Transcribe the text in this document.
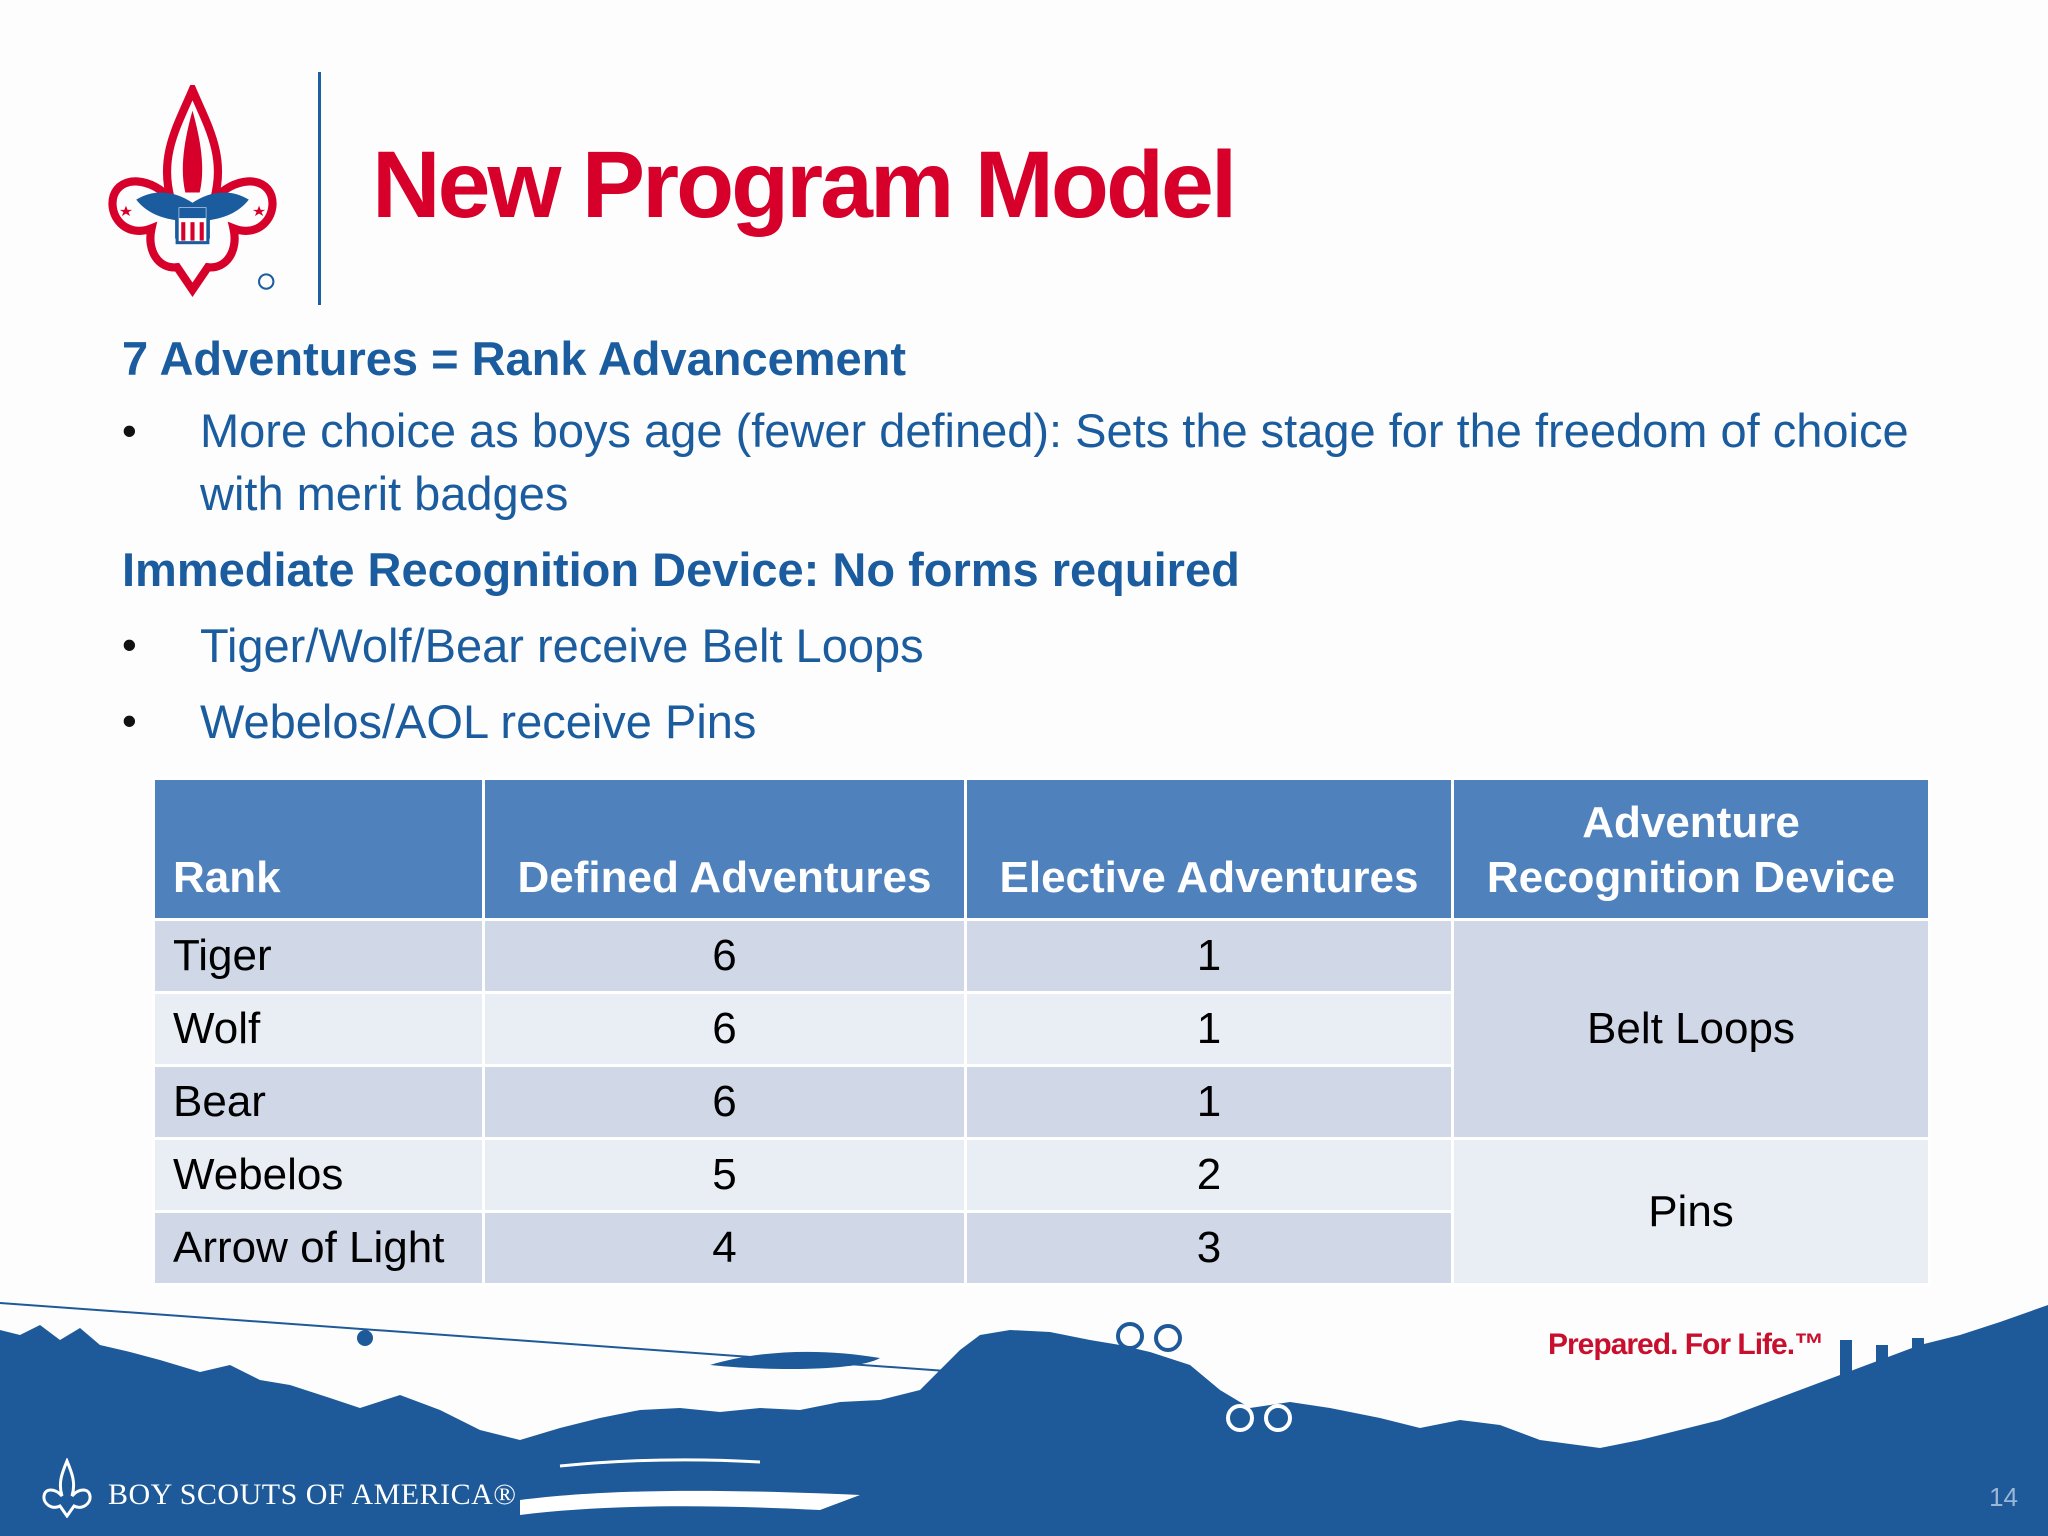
New Program Model
7 Adventures = Rank Advancement
• More choice as boys age (fewer defined): Sets the stage for the freedom of choice with merit badges
Immediate Recognition Device: No forms required
• Tiger/Wolf/Bear receive Belt Loops
• Webelos/AOL receive Pins
Rank	Defined Adventures	Elective Adventures	Adventure Recognition Device
Tiger	6	1	Belt Loops
Wolf	6	1	
Bear	6	1	
Webelos	5	2	Pins
Arrow of Light	4	3	
Prepared. For Life.™
BOY SCOUTS OF AMERICA®	14
